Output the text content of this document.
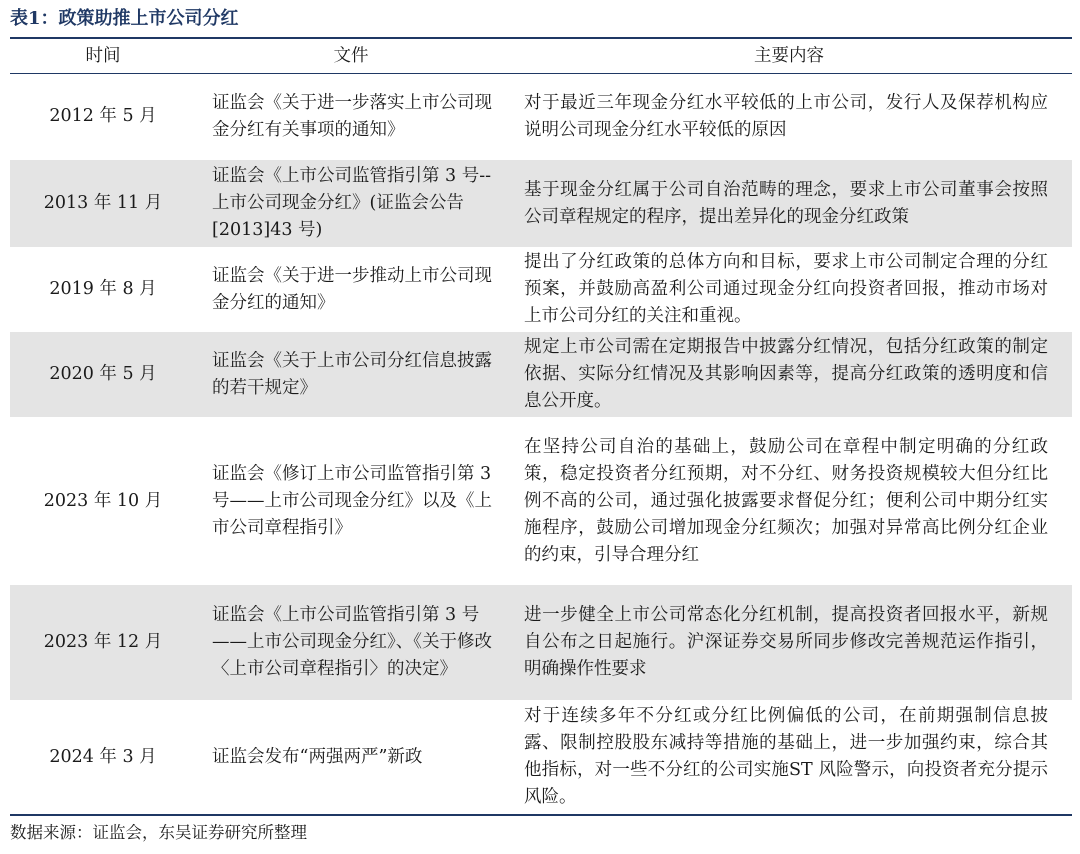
表1：政策助推上市公司分红
时间	文件	主要内容
2012 年 5 月	证监会《关于进一步落实上市公司现金分红有关事项的通知》	对于最近三年现金分红水平较低的上市公司，发行人及保荐机构应说明公司现金分红水平较低的原因
2013 年 11 月	证监会《上市公司监管指引第 3 号--上市公司现金分红》(证监会公告[2013]43 号)	基于现金分红属于公司自治范畴的理念，要求上市公司董事会按照公司章程规定的程序，提出差异化的现金分红政策
2019 年 8 月	证监会《关于进一步推动上市公司现金分红的通知》	提出了分红政策的总体方向和目标，要求上市公司制定合理的分红预案，并鼓励高盈利公司通过现金分红向投资者回报，推动市场对上市公司分红的关注和重视。
2020 年 5 月	证监会《关于上市公司分红信息披露的若干规定》	规定上市公司需在定期报告中披露分红情况，包括分红政策的制定依据、实际分红情况及其影响因素等，提高分红政策的透明度和信息公开度。
2023 年 10 月	证监会《修订上市公司监管指引第 3 号——上市公司现金分红》以及《上市公司章程指引》	在坚持公司自治的基础上，鼓励公司在章程中制定明确的分红政策，稳定投资者分红预期，对不分红、财务投资规模较大但分红比例不高的公司，通过强化披露要求督促分红；便利公司中期分红实施程序，鼓励公司增加现金分红频次；加强对异常高比例分红企业的约束，引导合理分红
2023 年 12 月	证监会《上市公司监管指引第 3 号——上市公司现金分红》、《关于修改〈上市公司章程指引〉的决定》	进一步健全上市公司常态化分红机制，提高投资者回报水平，新规自公布之日起施行。沪深证券交易所同步修改完善规范运作指引，明确操作性要求
2024 年 3 月	证监会发布“两强两严”新政	对于连续多年不分红或分红比例偏低的公司，在前期强制信息披露、限制控股股东减持等措施的基础上，进一步加强约束，综合其他指标，对一些不分红的公司实施ST 风险警示，向投资者充分提示风险。
数据来源：证监会，东吴证券研究所整理
